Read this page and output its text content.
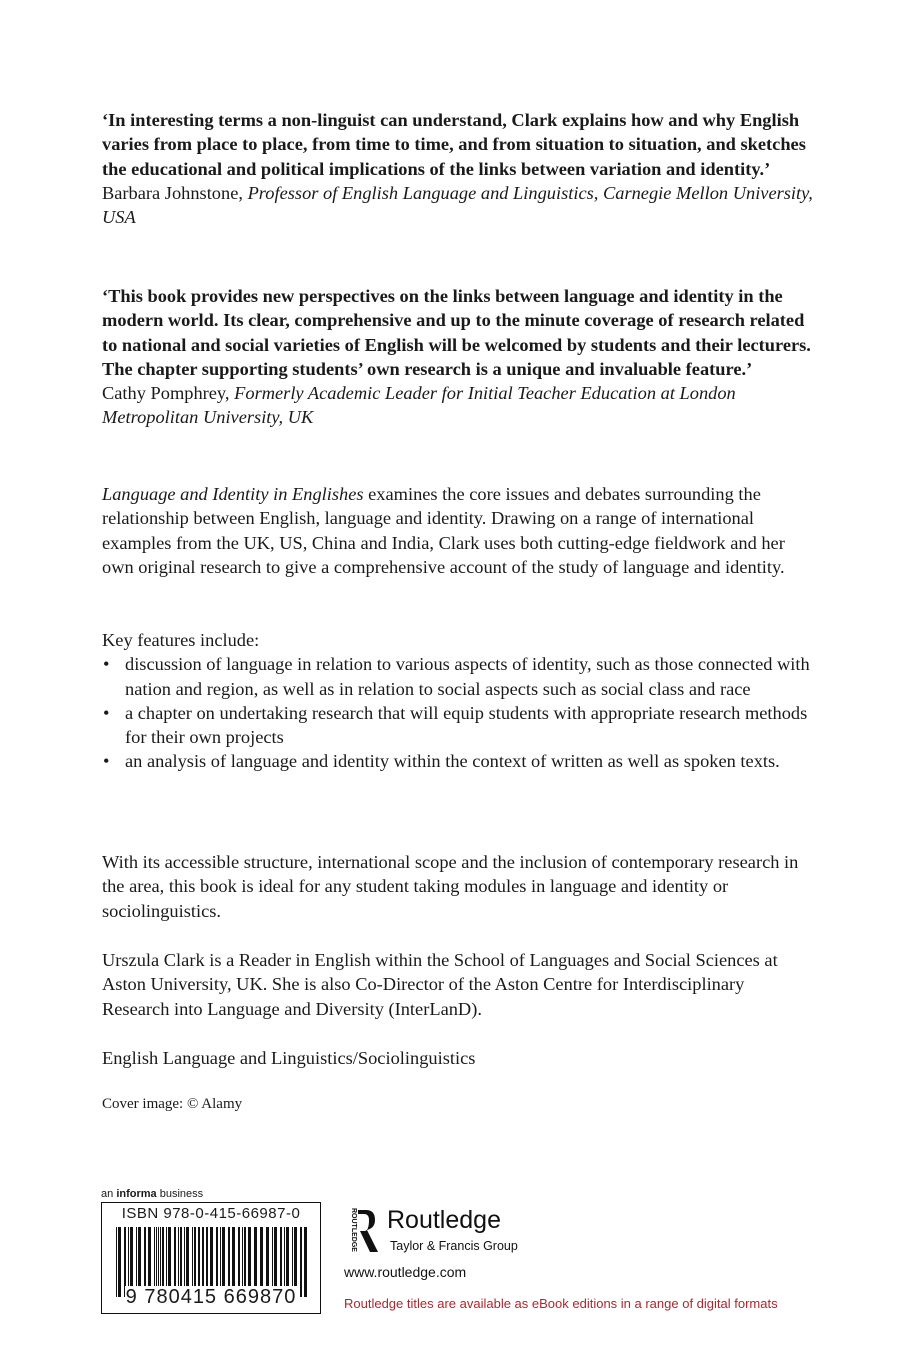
‘In interesting terms a non-linguist can understand, Clark explains how and why English varies from place to place, from time to time, and from situation to situation, and sketches the educational and political implications of the links between variation and identity.’

Barbara Johnstone, Professor of English Language and Linguistics, Carnegie Mellon University, USA

‘This book provides new perspectives on the links between language and identity in the modern world. Its clear, comprehensive and up to the minute coverage of research related to national and social varieties of English will be welcomed by students and their lecturers. The chapter supporting students’ own research is a unique and invaluable feature.’

Cathy Pomphrey, Formerly Academic Leader for Initial Teacher Education at London Metropolitan University, UK

Language and Identity in Englishes examines the core issues and debates surrounding the relationship between English, language and identity. Drawing on a range of international examples from the UK, US, China and India, Clark uses both cutting-edge fieldwork and her own original research to give a comprehensive account of the study of language and identity.

Key features include:

• discussion of language in relation to various aspects of identity, such as those connected with nation and region, as well as in relation to social aspects such as social class and race
• a chapter on undertaking research that will equip students with appropriate research methods for their own projects
• an analysis of language and identity within the context of written as well as spoken texts.

With its accessible structure, international scope and the inclusion of contemporary research in the area, this book is ideal for any student taking modules in language and identity or sociolinguistics.

Urszula Clark is a Reader in English within the School of Languages and Social Sciences at Aston University, UK. She is also Co-Director of the Aston Centre for Interdisciplinary Research into Language and Diversity (InterLanD).

English Language and Linguistics/Sociolinguistics

Cover image: © Alamy

an informa business
ISBN 978-0-415-66987-0
9 780415 669870
ROUTLEDGE Routledge
Taylor & Francis Group
www.routledge.com
Routledge titles are available as eBook editions in a range of digital formats
